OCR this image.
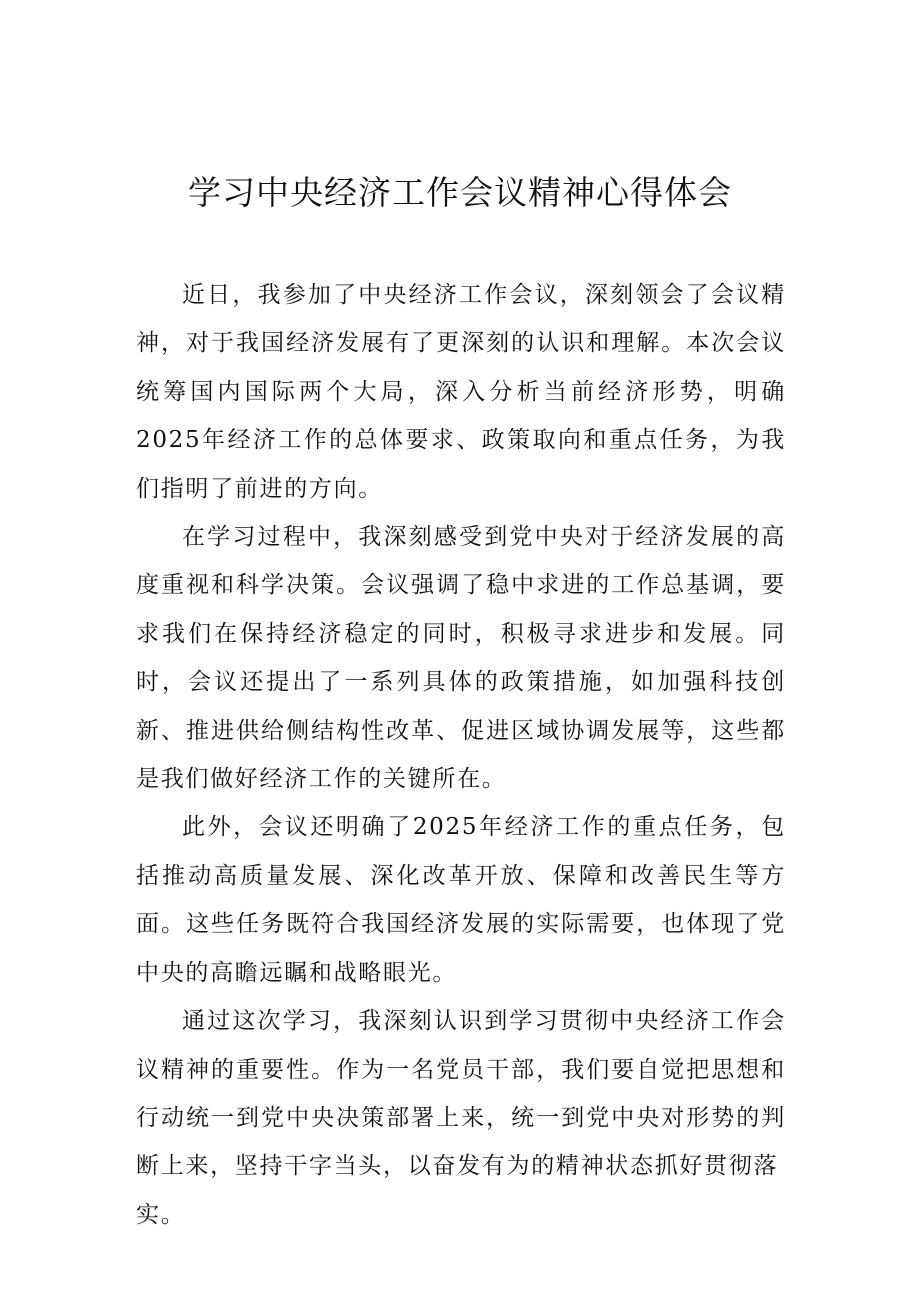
学习中央经济工作会议精神心得体会

近日，我参加了中央经济工作会议，深刻领会了会议精神，对于我国经济发展有了更深刻的认识和理解。本次会议统筹国内国际两个大局，深入分析当前经济形势，明确2025年经济工作的总体要求、政策取向和重点任务，为我们指明了前进的方向。

在学习过程中，我深刻感受到党中央对于经济发展的高度重视和科学决策。会议强调了稳中求进的工作总基调，要求我们在保持经济稳定的同时，积极寻求进步和发展。同时，会议还提出了一系列具体的政策措施，如加强科技创新、推进供给侧结构性改革、促进区域协调发展等，这些都是我们做好经济工作的关键所在。

此外，会议还明确了2025年经济工作的重点任务，包括推动高质量发展、深化改革开放、保障和改善民生等方面。这些任务既符合我国经济发展的实际需要，也体现了党中央的高瞻远瞩和战略眼光。

通过这次学习，我深刻认识到学习贯彻中央经济工作会议精神的重要性。作为一名党员干部，我们要自觉把思想和行动统一到党中央决策部署上来，统一到党中央对形势的判断上来，坚持干字当头，以奋发有为的精神状态抓好贯彻落

实。
